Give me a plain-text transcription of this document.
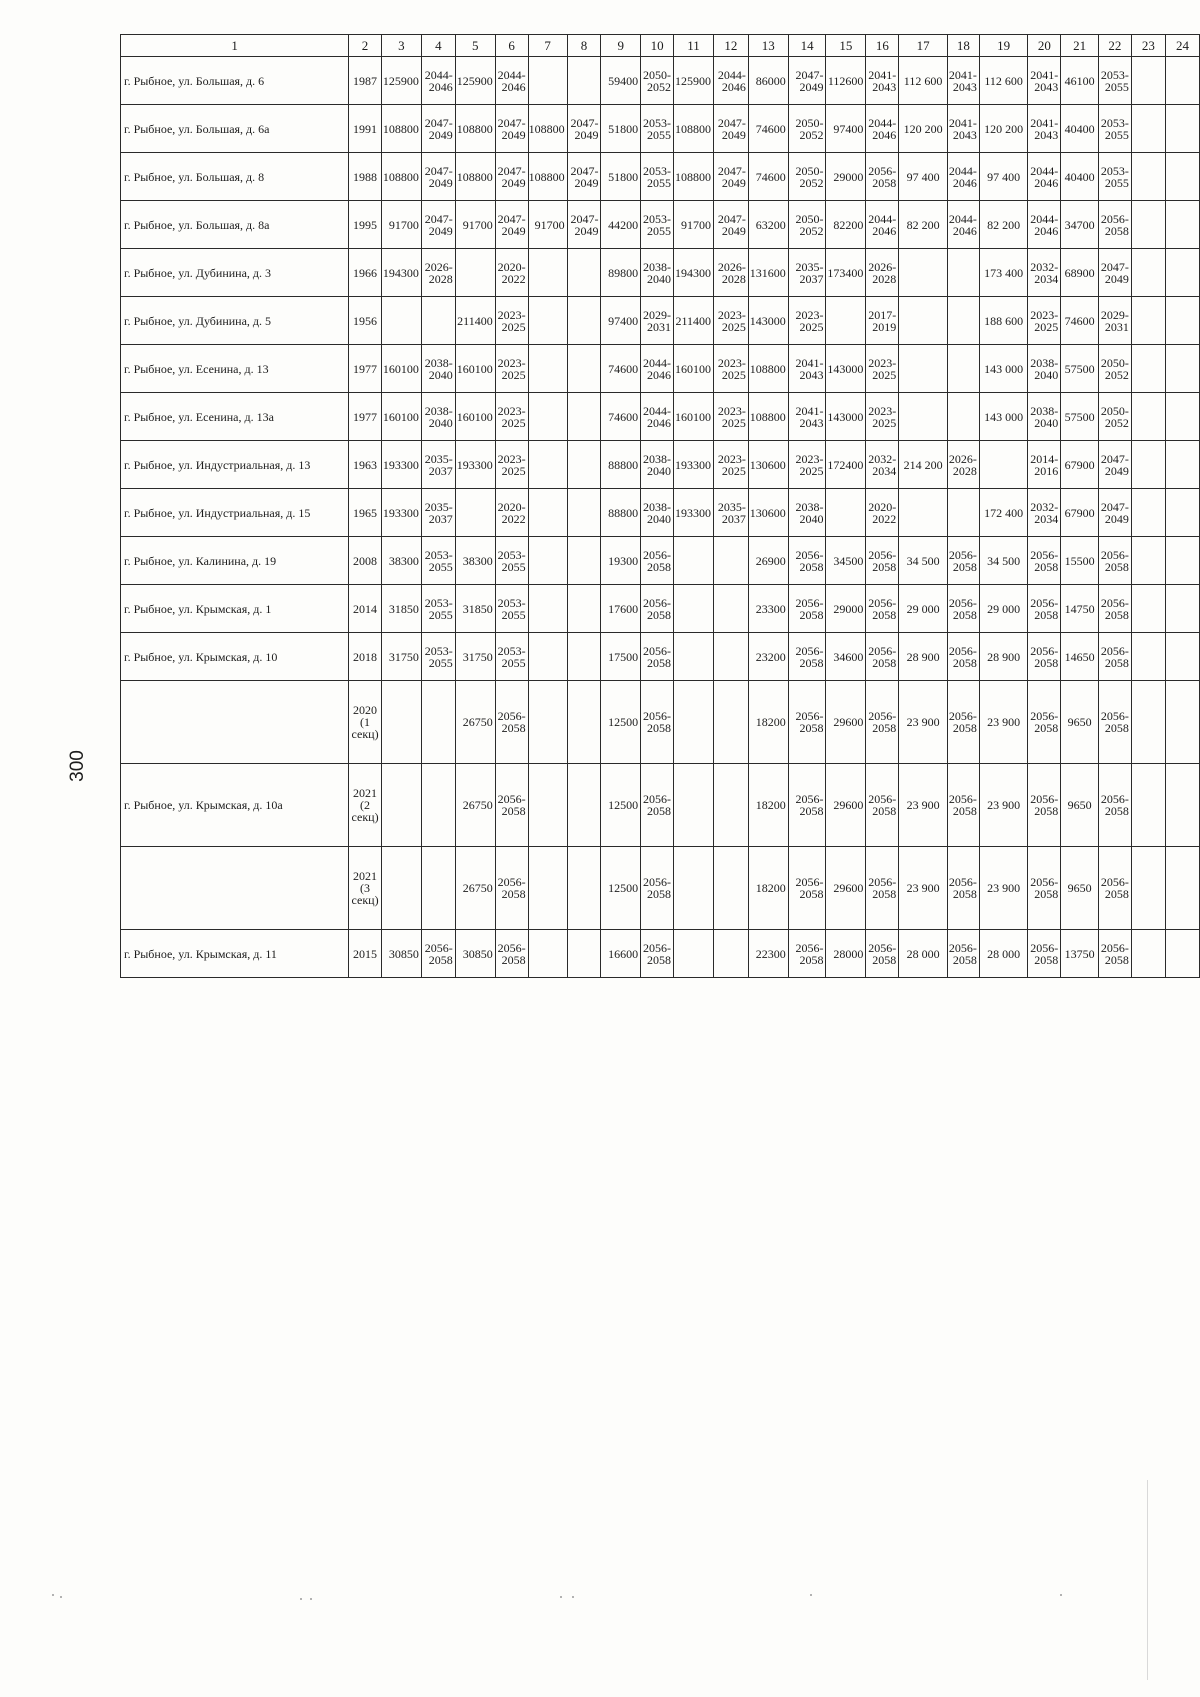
300
1	2	3	4	5	6	7	8	9	10	11	12	13	14	15	16	17	18	19	20	21	22	23	24
г. Рыбное, ул. Большая, д. 6	1987	125900	2044-2046	125900	2044-2046			59400	2050-2052	125900	2044-2046	86000	2047-2049	112600	2041-2043	112 600	2041-2043	112 600	2041-2043	46100	2053-2055		
г. Рыбное, ул. Большая, д. 6а	1991	108800	2047-2049	108800	2047-2049	108800	2047-2049	51800	2053-2055	108800	2047-2049	74600	2050-2052	97400	2044-2046	120 200	2041-2043	120 200	2041-2043	40400	2053-2055		
г. Рыбное, ул. Большая, д. 8	1988	108800	2047-2049	108800	2047-2049	108800	2047-2049	51800	2053-2055	108800	2047-2049	74600	2050-2052	29000	2056-2058	97 400	2044-2046	97 400	2044-2046	40400	2053-2055		
г. Рыбное, ул. Большая, д. 8а	1995	91700	2047-2049	91700	2047-2049	91700	2047-2049	44200	2053-2055	91700	2047-2049	63200	2050-2052	82200	2044-2046	82 200	2044-2046	82 200	2044-2046	34700	2056-2058		
г. Рыбное, ул. Дубинина, д. 3	1966	194300	2026-2028		2020-2022			89800	2038-2040	194300	2026-2028	131600	2035-2037	173400	2026-2028			173 400	2032-2034	68900	2047-2049		
г. Рыбное, ул. Дубинина, д. 5	1956			211400	2023-2025			97400	2029-2031	211400	2023-2025	143000	2023-2025		2017-2019			188 600	2023-2025	74600	2029-2031		
г. Рыбное, ул. Есенина, д. 13	1977	160100	2038-2040	160100	2023-2025			74600	2044-2046	160100	2023-2025	108800	2041-2043	143000	2023-2025			143 000	2038-2040	57500	2050-2052		
г. Рыбное, ул. Есенина, д. 13а	1977	160100	2038-2040	160100	2023-2025			74600	2044-2046	160100	2023-2025	108800	2041-2043	143000	2023-2025			143 000	2038-2040	57500	2050-2052		
г. Рыбное, ул. Индустриальная, д. 13	1963	193300	2035-2037	193300	2023-2025			88800	2038-2040	193300	2023-2025	130600	2023-2025	172400	2032-2034	214 200	2026-2028		2014-2016	67900	2047-2049		
г. Рыбное, ул. Индустриальная, д. 15	1965	193300	2035-2037		2020-2022			88800	2038-2040	193300	2035-2037	130600	2038-2040		2020-2022			172 400	2032-2034	67900	2047-2049		
г. Рыбное, ул. Калинина, д. 19	2008	38300	2053-2055	38300	2053-2055			19300	2056-2058			26900	2056-2058	34500	2056-2058	34 500	2056-2058	34 500	2056-2058	15500	2056-2058		
г. Рыбное, ул. Крымская, д. 1	2014	31850	2053-2055	31850	2053-2055			17600	2056-2058			23300	2056-2058	29000	2056-2058	29 000	2056-2058	29 000	2056-2058	14750	2056-2058		
г. Рыбное, ул. Крымская, д. 10	2018	31750	2053-2055	31750	2053-2055			17500	2056-2058			23200	2056-2058	34600	2056-2058	28 900	2056-2058	28 900	2056-2058	14650	2056-2058		
	2020 (1 секц)			26750	2056-2058			12500	2056-2058			18200	2056-2058	29600	2056-2058	23 900	2056-2058	23 900	2056-2058	9650	2056-2058		
г. Рыбное, ул. Крымская, д. 10а	2021 (2 секц)			26750	2056-2058			12500	2056-2058			18200	2056-2058	29600	2056-2058	23 900	2056-2058	23 900	2056-2058	9650	2056-2058		
	2021 (3 секц)			26750	2056-2058			12500	2056-2058			18200	2056-2058	29600	2056-2058	23 900	2056-2058	23 900	2056-2058	9650	2056-2058		
г. Рыбное, ул. Крымская, д. 11	2015	30850	2056-2058	30850	2056-2058			16600	2056-2058			22300	2056-2058	28000	2056-2058	28 000	2056-2058	28 000	2056-2058	13750	2056-2058		
